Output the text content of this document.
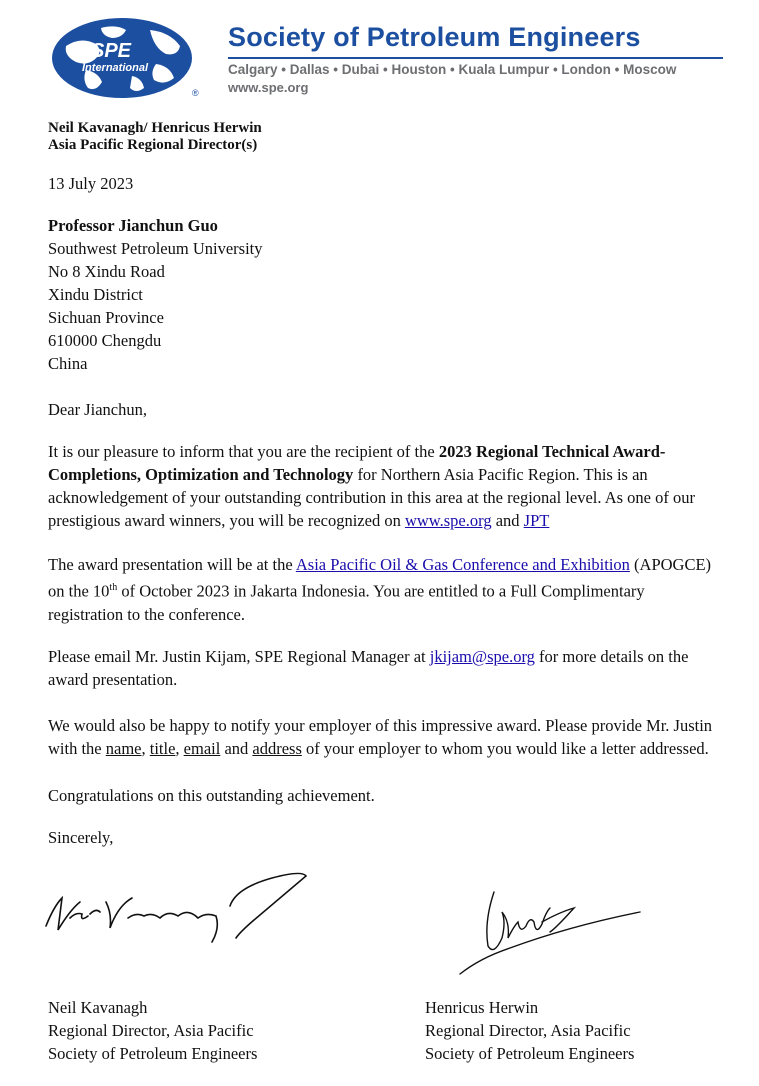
SPE
International
®
Society of Petroleum Engineers
Calgary • Dallas • Dubai • Houston • Kuala Lumpur • London • Moscow
www.spe.org
Neil Kavanagh/ Henricus Herwin
Asia Pacific Regional Director(s)
13 July 2023
Professor Jianchun Guo
Southwest Petroleum University
No 8 Xindu Road
Xindu District
Sichuan Province
610000 Chengdu
China
Dear Jianchun,

It is our pleasure to inform that you are the recipient of the 2023 Regional Technical Award-Completions, Optimization and Technology for Northern Asia Pacific Region. This is an acknowledgement of your outstanding contribution in this area at the regional level. As one of our prestigious award winners, you will be recognized on www.spe.org and JPT

The award presentation will be at the Asia Pacific Oil & Gas Conference and Exhibition (APOGCE) on the 10th of October 2023 in Jakarta Indonesia. You are entitled to a Full Complimentary registration to the conference.

Please email Mr. Justin Kijam, SPE Regional Manager at jkijam@spe.org for more details on the award presentation.

We would also be happy to notify your employer of this impressive award. Please provide Mr. Justin with the name, title, email and address of your employer to whom you would like a letter addressed.

Congratulations on this outstanding achievement.
Sincerely,
Neil Kavanagh
Regional Director, Asia Pacific
Society of Petroleum Engineers
Henricus Herwin
Regional Director, Asia Pacific
Society of Petroleum Engineers
